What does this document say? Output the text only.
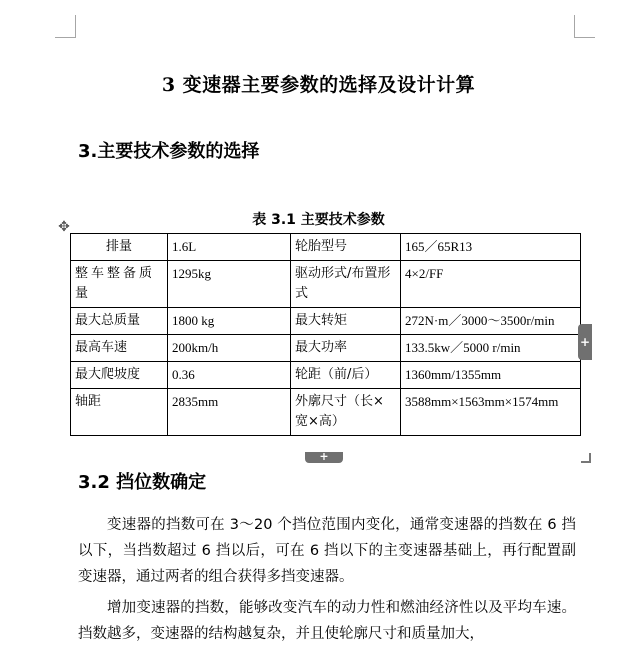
3 变速器主要参数的选择及设计计算
3.主要技术参数的选择
表 3.1 主要技术参数
✥
排量	1.6L	轮胎型号	165／65R13
整车整备质量	1295kg	驱动形式/布置形式	4×2/FF
最大总质量	1800 kg	最大转矩	272N·m／3000～3500r/min
最高车速	200km/h	最大功率	133.5kw／5000 r/min
最大爬坡度	0.36	轮距（前/后）	1360mm/1355mm
轴距	2835mm	外廓尺寸（长×宽×高）	3588mm×1563mm×1574mm
+
+
3.2 挡位数确定
变速器的挡数可在 3～20 个挡位范围内变化，通常变速器的挡数在 6 挡以下，当挡数超过 6 挡以后，可在 6 挡以下的主变速器基础上，再行配置副变速器，通过两者的组合获得多挡变速器。
增加变速器的挡数，能够改变汽车的动力性和燃油经济性以及平均车速。挡数越多，变速器的结构越复杂，并且使轮廓尺寸和质量加大，
